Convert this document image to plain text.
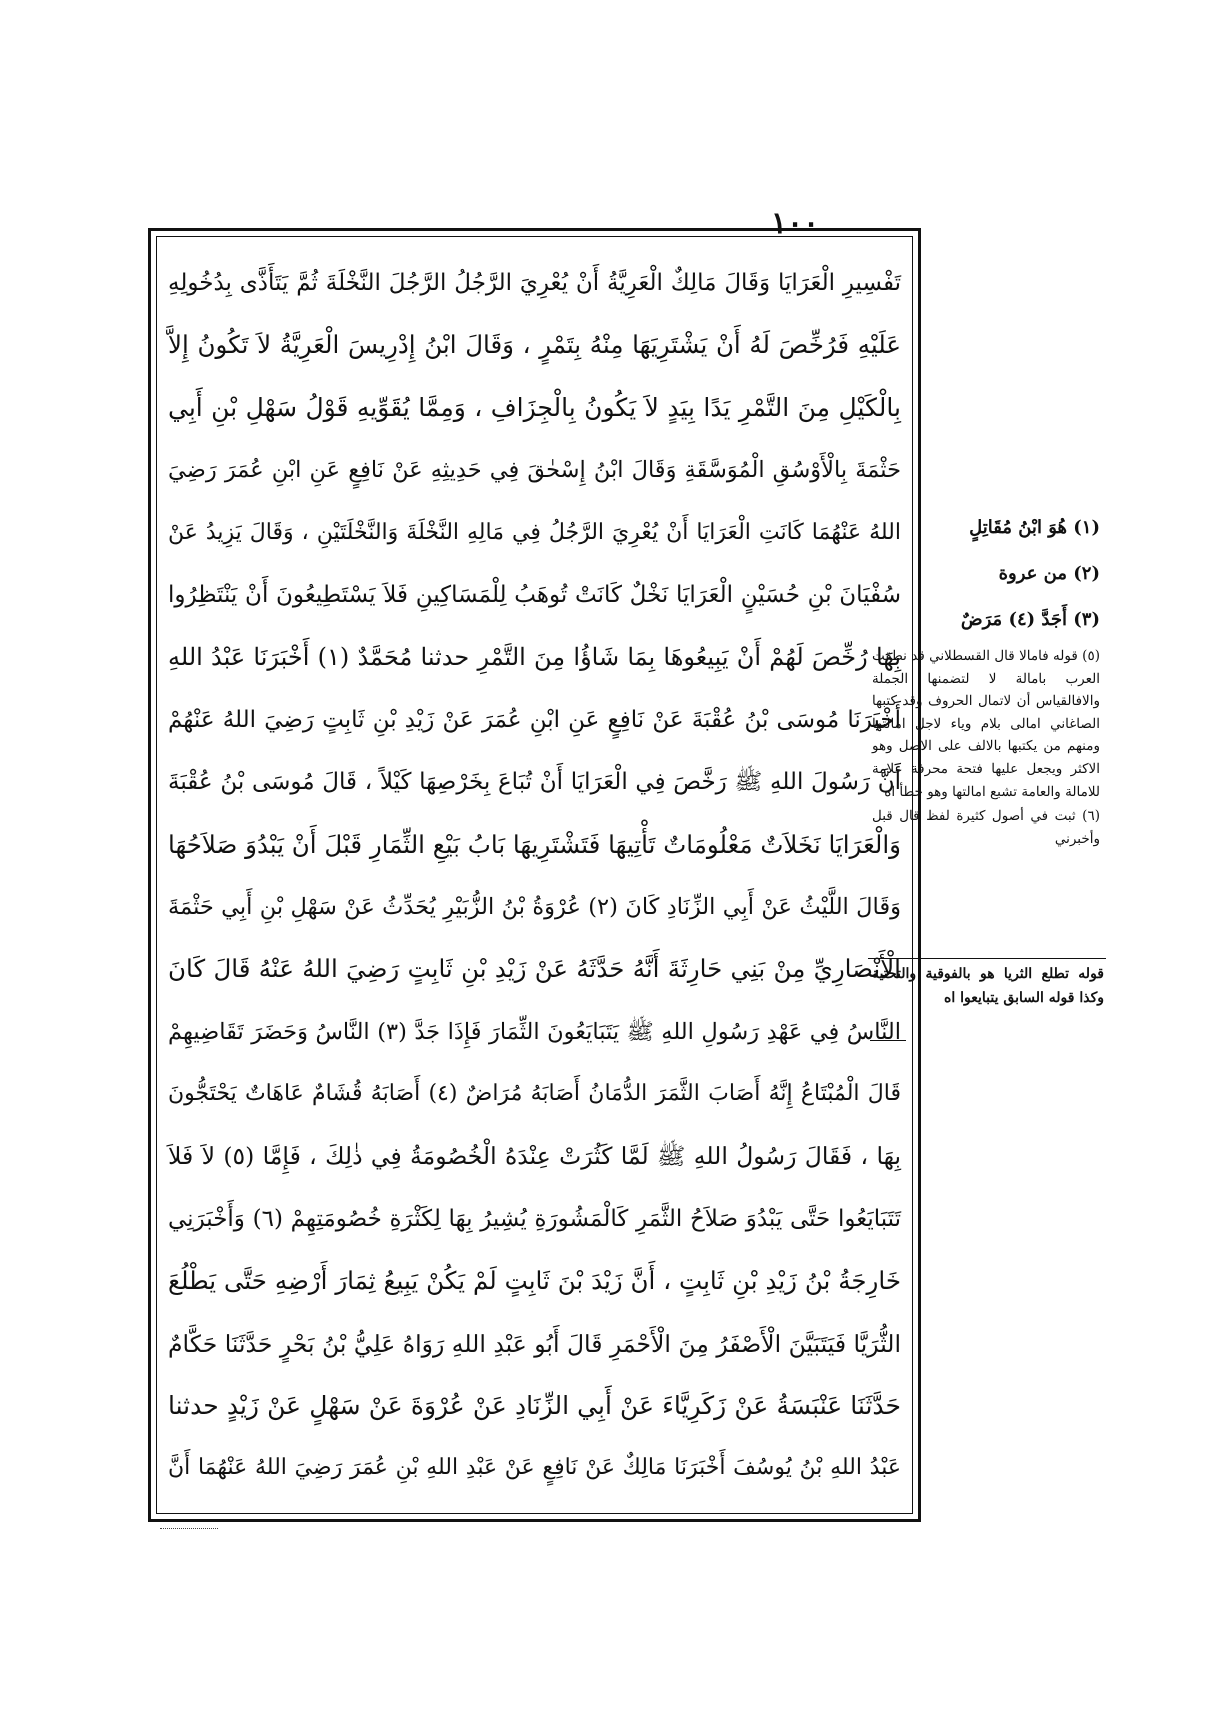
١٠٠
تَفْسِيرِ الْعَرَايَا وَقَالَ مَالِكٌ الْعَرِيَّةُ أَنْ يُعْرِيَ الرَّجُلُ الرَّجُلَ النَّخْلَةَ ثُمَّ يَتَأَذَّى بِدُخُولِهِ
عَلَيْهِ فَرُخِّصَ لَهُ أَنْ يَشْتَرِيَهَا مِنْهُ بِتَمْرٍ ، وَقَالَ ابْنُ إِدْرِيسَ الْعَرِيَّةُ لاَ تَكُونُ إِلاَّ
بِالْكَيْلِ مِنَ التَّمْرِ يَدًا بِيَدٍ لاَ يَكُونُ بِالْجِزَافِ ، وَمِمَّا يُقَوِّيهِ قَوْلُ سَهْلِ بْنِ أَبِي
حَثْمَةَ بِالْأَوْسُقِ الْمُوَسَّقَةِ وَقَالَ ابْنُ إِسْحٰقَ فِي حَدِيثِهِ عَنْ نَافِعٍ عَنِ ابْنِ عُمَرَ رَضِيَ
اللهُ عَنْهُمَا كَانَتِ الْعَرَايَا أَنْ يُعْرِيَ الرَّجُلُ فِي مَالِهِ النَّخْلَةَ وَالنَّخْلَتَيْنِ ، وَقَالَ يَزِيدُ عَنْ
سُفْيَانَ بْنِ حُسَيْنٍ الْعَرَايَا نَخْلٌ كَانَتْ تُوهَبُ لِلْمَسَاكِينِ فَلاَ يَسْتَطِيعُونَ أَنْ يَنْتَظِرُوا
بِهَا رُخِّصَ لَهُمْ أَنْ يَبِيعُوهَا بِمَا شَاؤُا مِنَ التَّمْرِ حدثنا مُحَمَّدٌ (١) أَخْبَرَنَا عَبْدُ اللهِ
أَخْبَرَنَا مُوسَى بْنُ عُقْبَةَ عَنْ نَافِعٍ عَنِ ابْنِ عُمَرَ عَنْ زَيْدِ بْنِ ثَابِتٍ رَضِيَ اللهُ عَنْهُمْ
أَنَّ رَسُولَ اللهِ ﷺ رَخَّصَ فِي الْعَرَايَا أَنْ تُبَاعَ بِخَرْصِهَا كَيْلاً ، قَالَ مُوسَى بْنُ عُقْبَةَ
وَالْعَرَايَا نَخَلاَتٌ مَعْلُومَاتٌ تَأْتِيهَا فَتَشْتَرِيهَا بَابُ بَيْعِ الثِّمَارِ قَبْلَ أَنْ يَبْدُوَ صَلاَحُهَا
وَقَالَ اللَّيْثُ عَنْ أَبِي الزِّنَادِ كَانَ (٢) عُرْوَةُ بْنُ الزُّبَيْرِ يُحَدِّثُ عَنْ سَهْلِ بْنِ أَبِي حَثْمَةَ
الْأَنْصَارِيِّ مِنْ بَنِي حَارِثَةَ أَنَّهُ حَدَّثَهُ عَنْ زَيْدِ بْنِ ثَابِتٍ رَضِيَ اللهُ عَنْهُ قَالَ كَانَ
النَّاسُ فِي عَهْدِ رَسُولِ اللهِ ﷺ يَتَبَايَعُونَ الثِّمَارَ فَإِذَا جَدَّ (٣) النَّاسُ وَحَضَرَ تَقَاضِيهِمْ
قَالَ الْمُبْتَاعُ إِنَّهُ أَصَابَ الثَّمَرَ الدُّمَانُ أَصَابَهُ مُرَاضٌ (٤) أَصَابَهُ قُشَامٌ عَاهَاتٌ يَحْتَجُّونَ
بِهَا ، فَقَالَ رَسُولُ اللهِ ﷺ لَمَّا كَثُرَتْ عِنْدَهُ الْخُصُومَةُ فِي ذٰلِكَ ، فَإِمَّا (٥) لاَ فَلاَ
تَتَبَايَعُوا حَتَّى يَبْدُوَ صَلاَحُ الثَّمَرِ كَالْمَشُورَةِ يُشِيرُ بِهَا لِكَثْرَةِ خُصُومَتِهِمْ (٦) وَأَخْبَرَنِي
خَارِجَةُ بْنُ زَيْدِ بْنِ ثَابِتٍ ، أَنَّ زَيْدَ بْنَ ثَابِتٍ لَمْ يَكُنْ يَبِيعُ ثِمَارَ أَرْضِهِ حَتَّى يَطْلُعَ
الثُّرَيَّا فَيَتَبَيَّنَ الْأَصْفَرُ مِنَ الْأَحْمَرِ قَالَ أَبُو عَبْدِ اللهِ رَوَاهُ عَلِيُّ بْنُ بَحْرٍ حَدَّثَنَا حَكَّامٌ
حَدَّثَنَا عَنْبَسَةُ عَنْ زَكَرِيَّاءَ عَنْ أَبِي الزِّنَادِ عَنْ عُرْوَةَ عَنْ سَهْلٍ عَنْ زَيْدٍ حدثنا
عَبْدُ اللهِ بْنُ يُوسُفَ أَخْبَرَنَا مَالِكٌ عَنْ نَافِعٍ عَنْ عَبْدِ اللهِ بْنِ عُمَرَ رَضِيَ اللهُ عَنْهُمَا أَنَّ
(١) هُوَ ابْنُ مُقَاتِلٍ
(٢) من عروة
(٣) أَجَدَّ (٤) مَرَضٌ
(٥) قوله فامالا قال القسطلاني قد نطقت العرب بامالة لا لتضمنها الجملة والافالقياس أن لاتمال الحروف وقد كتبها الصاغاني امالى بلام وياء لاجل امالتها ومنهم من يكتبها بالالف على الاصل وهو الاكثر ويجعل عليها فتحة محرفة علامة للامالة والعامة تشبع امالتها وهو خطأ اه
(٦) ثبت في أصول كثيرة لفظ قال قبل وأخبرني
قوله تطلع الثريا هو بالفوقية والتحتية وكذا قوله السابق يتبايعوا اه
